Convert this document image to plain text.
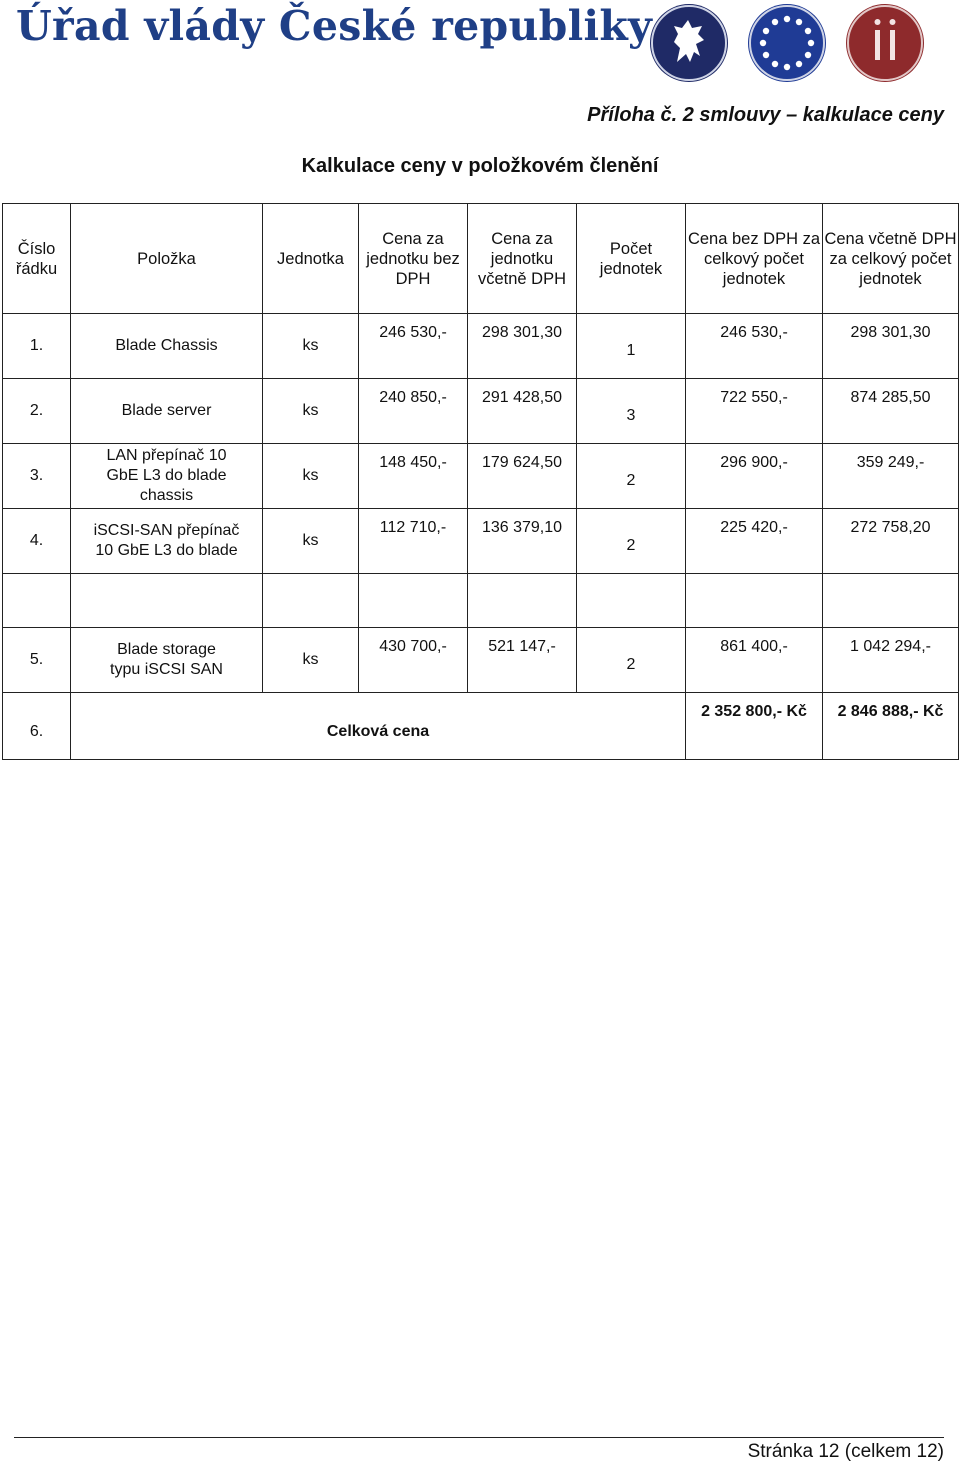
Úřad vlády České republiky
Příloha č. 2 smlouvy – kalkulace ceny
Kalkulace ceny v položkovém členění
Číslo řádku	Položka	Jednotka	Cena za jednotku bez DPH	Cena za jednotku včetně DPH	Počet jednotek	Cena bez DPH za celkový počet jednotek	Cena včetně DPH za celkový počet jednotek
1.	Blade Chassis	ks	246 530,-	298 301,30	1	246 530,-	298 301,30
2.	Blade server	ks	240 850,-	291 428,50	3	722 550,-	874 285,50
3.	LAN přepínač 10 GbE L3 do blade chassis	ks	148 450,-	179 624,50	2	296 900,-	359 249,-
4.	iSCSI-SAN přepínač 10 GbE L3 do blade	ks	112 710,-	136 379,10	2	225 420,-	272 758,20

5.	Blade storage typu iSCSI SAN	ks	430 700,-	521 147,-	2	861 400,-	1 042 294,-
6.	Celková cena					2 352 800,- Kč	2 846 888,- Kč
Stránka 12 (celkem 12)
